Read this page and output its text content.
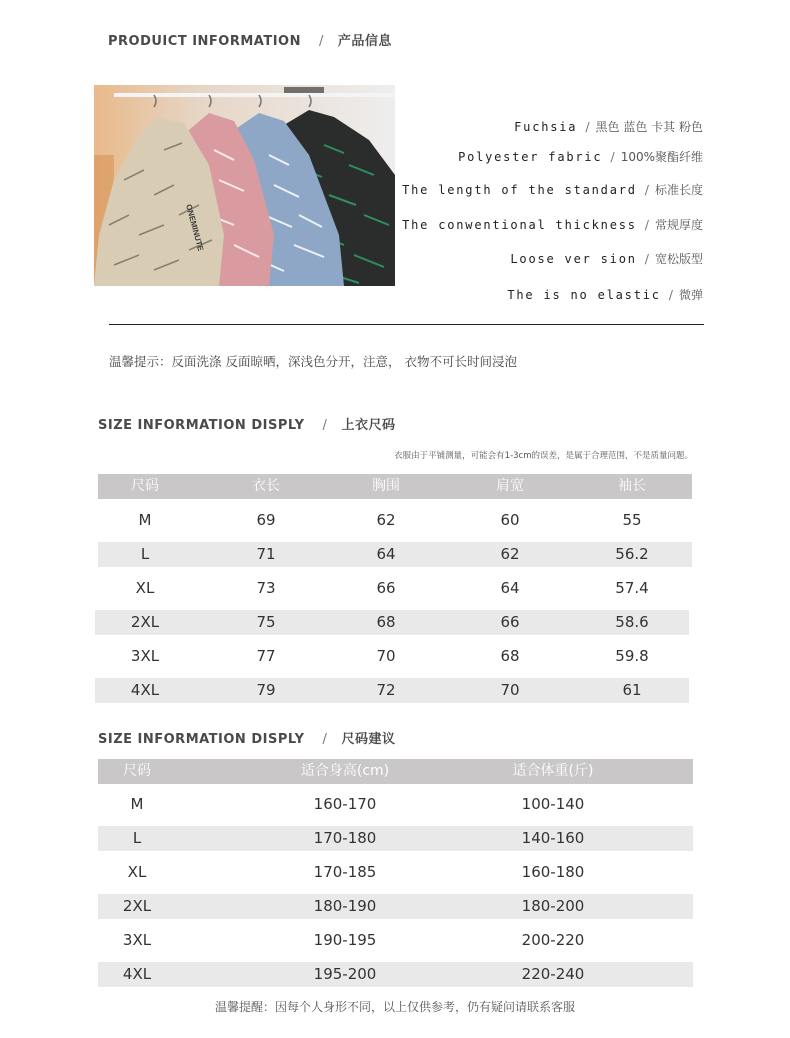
PRODUICT INFORMATION / 产品信息
ONEMINUTE
Fuchsia / 黑色 蓝色 卡其 粉色
Polyester fabric / 100%聚酯纤维
The length of the standard / 标准长度
The conwentional thickness / 常规厚度
Loose ver sion / 宽松版型
The is no elastic / 微弹
温馨提示：反面洗涤 反面晾晒，深浅色分开，注意， 衣物不可长时间浸泡
SIZE INFORMATION DISPLY / 上衣尺码
衣服由于平铺测量，可能会有1-3cm的误差，是属于合理范围，不是质量问题。
尺码	衣长	胸围	肩宽	袖长
M	69	62	60	55
L	71	64	62	56.2
XL	73	66	64	57.4
2XL	75	68	66	58.6
3XL	77	70	68	59.8
4XL	79	72	70	61
SIZE INFORMATION DISPLY / 尺码建议
尺码	适合身高(cm)	适合体重(斤)
M	160-170	100-140
L	170-180	140-160
XL	170-185	160-180
2XL	180-190	180-200
3XL	190-195	200-220
4XL	195-200	220-240
温馨提醒：因每个人身形不同，以上仅供参考，仍有疑问请联系客服
